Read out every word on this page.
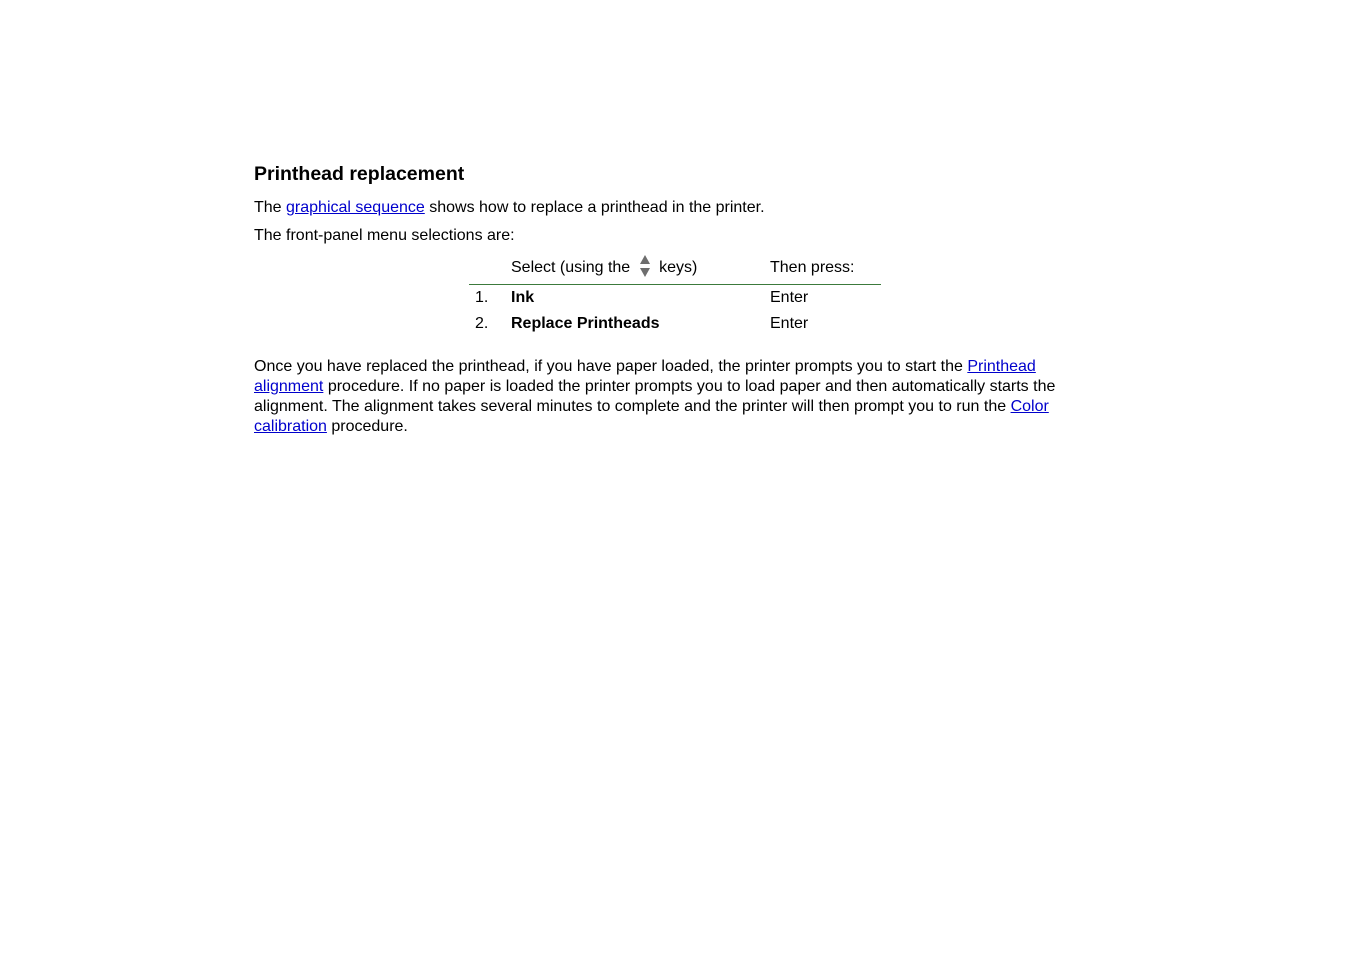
Printhead replacement

The graphical sequence shows how to replace a printhead in the printer.

The front-panel menu selections are:

	Select (using the  keys)	Then press:
1.	Ink	Enter
2.	Replace Printheads	Enter

Once you have replaced the printhead, if you have paper loaded, the printer prompts you to start the Printhead alignment procedure. If no paper is loaded the printer prompts you to load paper and then automatically starts the alignment. The alignment takes several minutes to complete and the printer will then prompt you to run the Color calibration procedure.
